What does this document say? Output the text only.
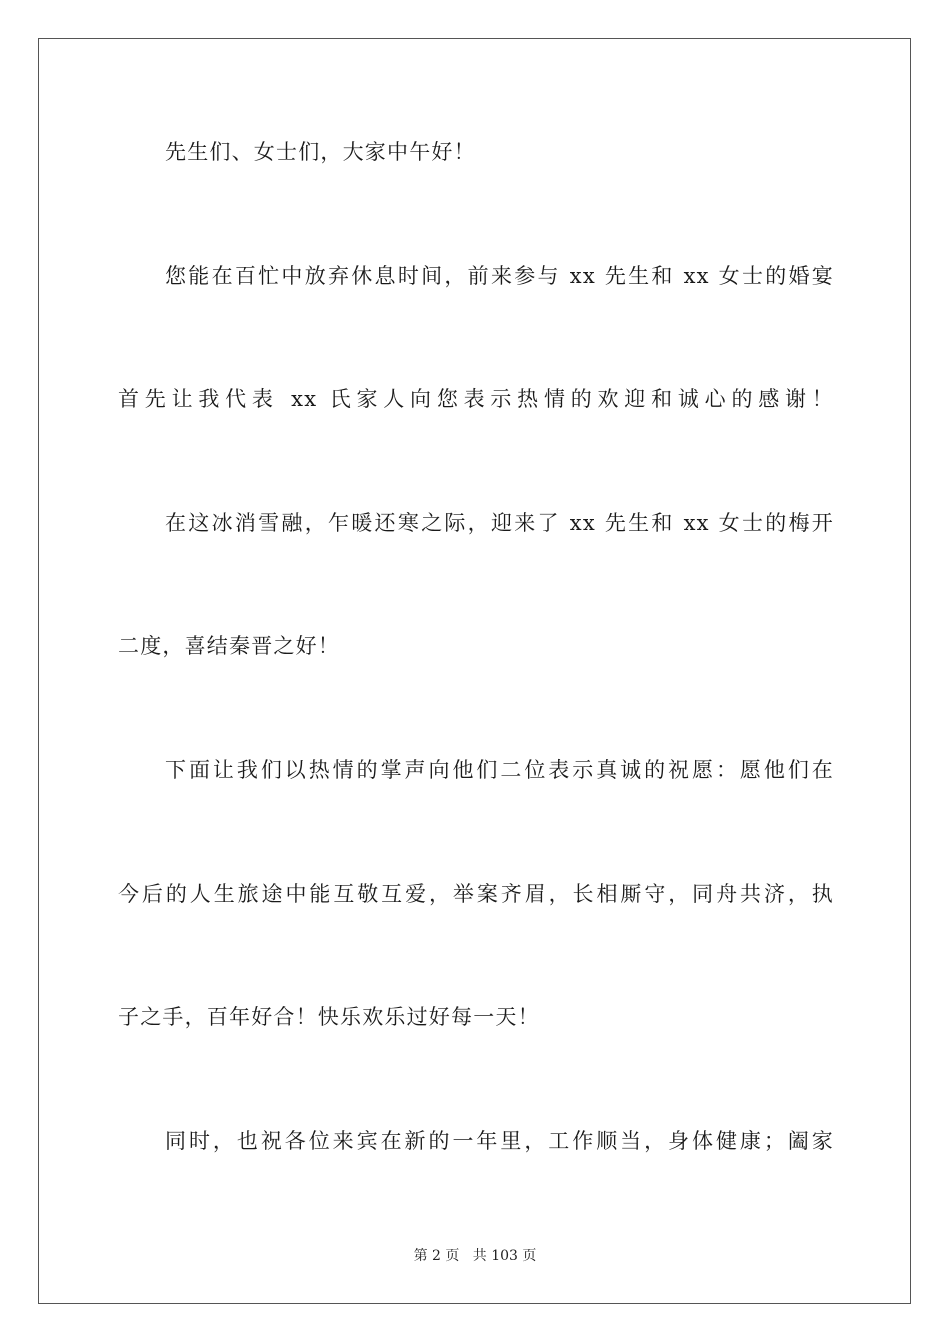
先生们、女士们，大家中午好！
您能在百忙中放弃休息时间，前来参与 xx 先生和 xx 女士的婚宴
首先让我代表 xx 氏家人向您表示热情的欢迎和诚心的感谢！
在这冰消雪融，乍暖还寒之际，迎来了 xx 先生和 xx 女士的梅开
二度，喜结秦晋之好！
下面让我们以热情的掌声向他们二位表示真诚的祝愿：愿他们在
今后的人生旅途中能互敬互爱，举案齐眉，长相厮守，同舟共济，执
子之手，百年好合！快乐欢乐过好每一天！
同时，也祝各位来宾在新的一年里，工作顺当，身体健康；阖家
第 2 页 共 103 页
